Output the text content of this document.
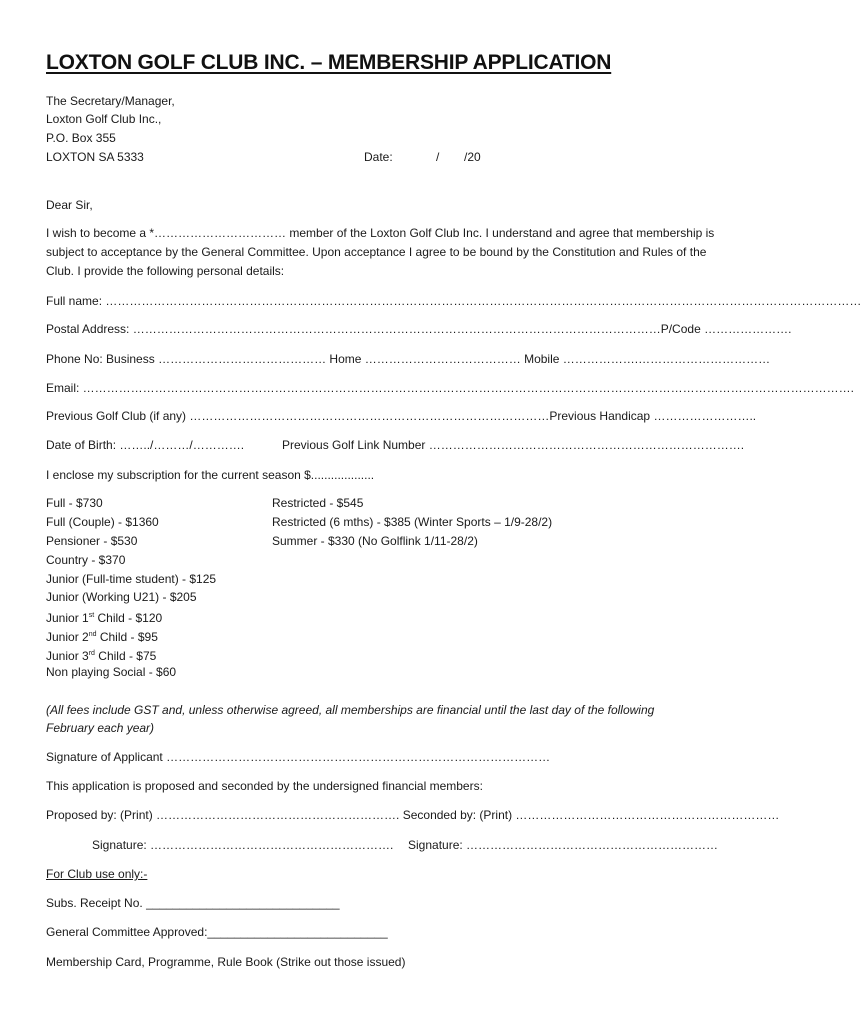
LOXTON GOLF CLUB INC. – MEMBERSHIP APPLICATION
The Secretary/Manager,
Loxton Golf Club Inc.,
P.O. Box 355
LOXTON SA 5333	Date:	/ /20
Dear Sir,
I wish to become a *…………………………… member of the Loxton Golf Club Inc. I understand and agree that membership is subject to acceptance by the General Committee. Upon acceptance I agree to be bound by the Constitution and Rules of the Club. I provide the following personal details:
Full name: ………………………………………………………………………………………………………………………………………………………………………
Postal Address: ……………………………………………………………………………………………………………………P/Code ………………….
Phone No: Business …………………………………… Home ………………………………… Mobile ……………….……………………………
Email: ………………………………………………………………………………………………………………………………………………………………………….
Previous Golf Club (if any) ………………………………………………………………………………Previous Handicap ……………………..
Date of Birth: ……../………/………….	Previous Golf Link Number …………………………………………………………………….
I enclose my subscription for the current season $...................
Full - $730
Full (Couple) - $1360
Pensioner - $530
Country - $370
Junior (Full-time student) - $125
Junior (Working U21) - $205
Junior 1st Child - $120
Junior 2nd Child - $95
Junior 3rd Child - $75
Non playing Social - $60
Restricted - $545
Restricted (6 mths) - $385 (Winter Sports – 1/9-28/2)
Summer - $330 (No Golflink 1/11-28/2)
(All fees include GST and, unless otherwise agreed, all memberships are financial until the last day of the following
February each year)
Signature of Applicant ……………………………………………………………………………………
This application is proposed and seconded by the undersigned financial members:
Proposed by: (Print) ……………………………………………………. Seconded by: (Print) …………………………………………………………
Signature: ……………………………………………………. Signature: ………………………………………………………
For Club use only:-
Subs. Receipt No. _____________________________
General Committee Approved:___________________________
Membership Card, Programme, Rule Book (Strike out those issued)
